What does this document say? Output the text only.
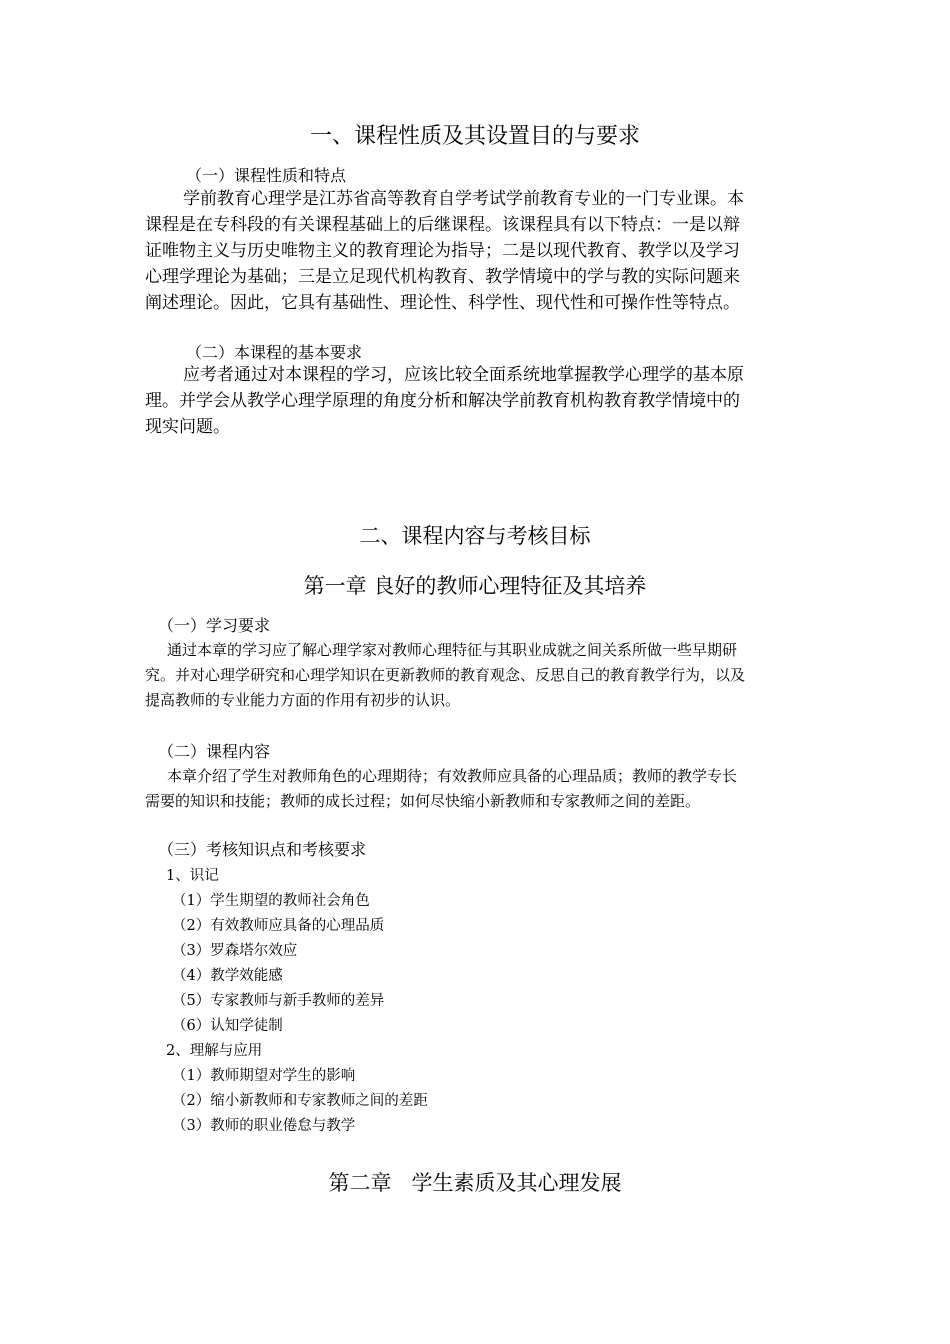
一、课程性质及其设置目的与要求
（一）课程性质和特点
学前教育心理学是江苏省高等教育自学考试学前教育专业的一门专业课。本
课程是在专科段的有关课程基础上的后继课程。该课程具有以下特点：一是以辩
证唯物主义与历史唯物主义的教育理论为指导；二是以现代教育、教学以及学习
心理学理论为基础；三是立足现代机构教育、教学情境中的学与教的实际问题来
阐述理论。因此，它具有基础性、理论性、科学性、现代性和可操作性等特点。
（二）本课程的基本要求
应考者通过对本课程的学习，应该比较全面系统地掌握教学心理学的基本原
理。并学会从教学心理学原理的角度分析和解决学前教育机构教育教学情境中的
现实问题。
二、课程内容与考核目标
第一章 良好的教师心理特征及其培养
（一）学习要求
通过本章的学习应了解心理学家对教师心理特征与其职业成就之间关系所做一些早期研
究。并对心理学研究和心理学知识在更新教师的教育观念、反思自己的教育教学行为，以及
提高教师的专业能力方面的作用有初步的认识。
（二）课程内容
本章介绍了学生对教师角色的心理期待；有效教师应具备的心理品质；教师的教学专长
需要的知识和技能；教师的成长过程；如何尽快缩小新教师和专家教师之间的差距。
（三）考核知识点和考核要求
1、识记
（1）学生期望的教师社会角色
（2）有效教师应具备的心理品质
（3）罗森塔尔效应
（4）教学效能感
（5）专家教师与新手教师的差异
（6）认知学徒制
2、理解与应用
（1）教师期望对学生的影响
（2）缩小新教师和专家教师之间的差距
（3）教师的职业倦怠与教学
第二章   学生素质及其心理发展
